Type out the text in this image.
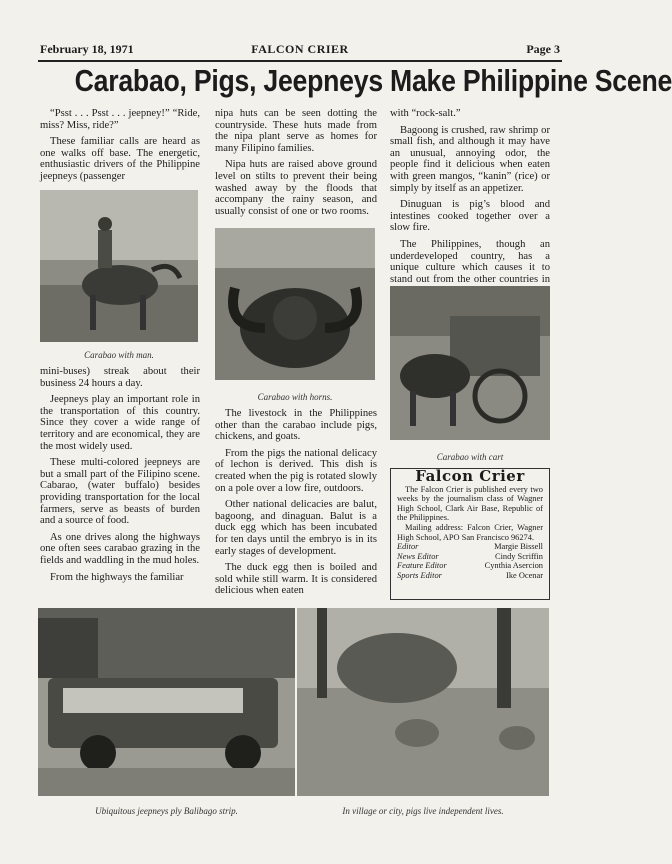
February 18, 1971	FALCON CRIER	Page 3
Carabao, Pigs, Jeepneys Make Philippine Scene

“Psst . . . Psst . . . jeepney!” “Ride, miss? Miss, ride?”

These familiar calls are heard as one walks off base. The energetic, enthusiastic drivers of the Philippine jeepneys (passenger

Carabao with man.

mini-buses) streak about their business 24 hours a day.

Jeepneys play an important role in the transportation of this country. Since they cover a wide range of territory and are economical, they are the most widely used.

These multi-colored jeepneys are but a small part of the Filipino scene. Cabarao, (water buffalo) besides providing transportation for the local farmers, serve as beasts of burden and a source of food.

As one drives along the highways one often sees carabao grazing in the fields and waddling in the mud holes.

From the highways the familiar

nipa huts can be seen dotting the countryside. These huts made from the nipa plant serve as homes for many Filipino families.

Nipa huts are raised above ground level on stilts to prevent their being washed away by the floods that accompany the rainy season, and usually consist of one or two rooms.

Carabao with horns.

The livestock in the Philippines other than the carabao include pigs, chickens, and goats.

From the pigs the national delicacy of lechon is derived. This dish is created when the pig is rotated slowly on a pole over a low fire, outdoors.

Other national delicacies are balut, bagoong, and dinaguan. Balut is a duck egg which has been incubated for ten days until the embryo is in its early stages of development.

The duck egg then is boiled and sold while still warm. It is considered delicious when eaten

with “rock-salt.”

Bagoong is crushed, raw shrimp or small fish, and although it may have an unusual, annoying odor, the people find it delicious when eaten with green mangos, “kanin” (rice) or simply by itself as an appetizer.

Dinuguan is pig’s blood and intestines cooked together over a slow fire.

The Philippines, though an underdeveloped country, has a unique culture which causes it to stand out from the other countries in

Carabao with cart
Falcon Crier

The Falcon Crier is published every two weeks by the journalism class of Wagner High School, Clark Air Base, Republic of the Philippines.

Mailing address: Falcon Crier, Wagner High School, APO San Francisco 96274.

Editor	Margie Bissell
News Editor	Cindy Scriffin
Feature Editor	Cynthia Asercion
Sports Editor	Ike Ocenar
Ubiquitous jeepneys ply Balibago strip.	In village or city, pigs live independent lives.
